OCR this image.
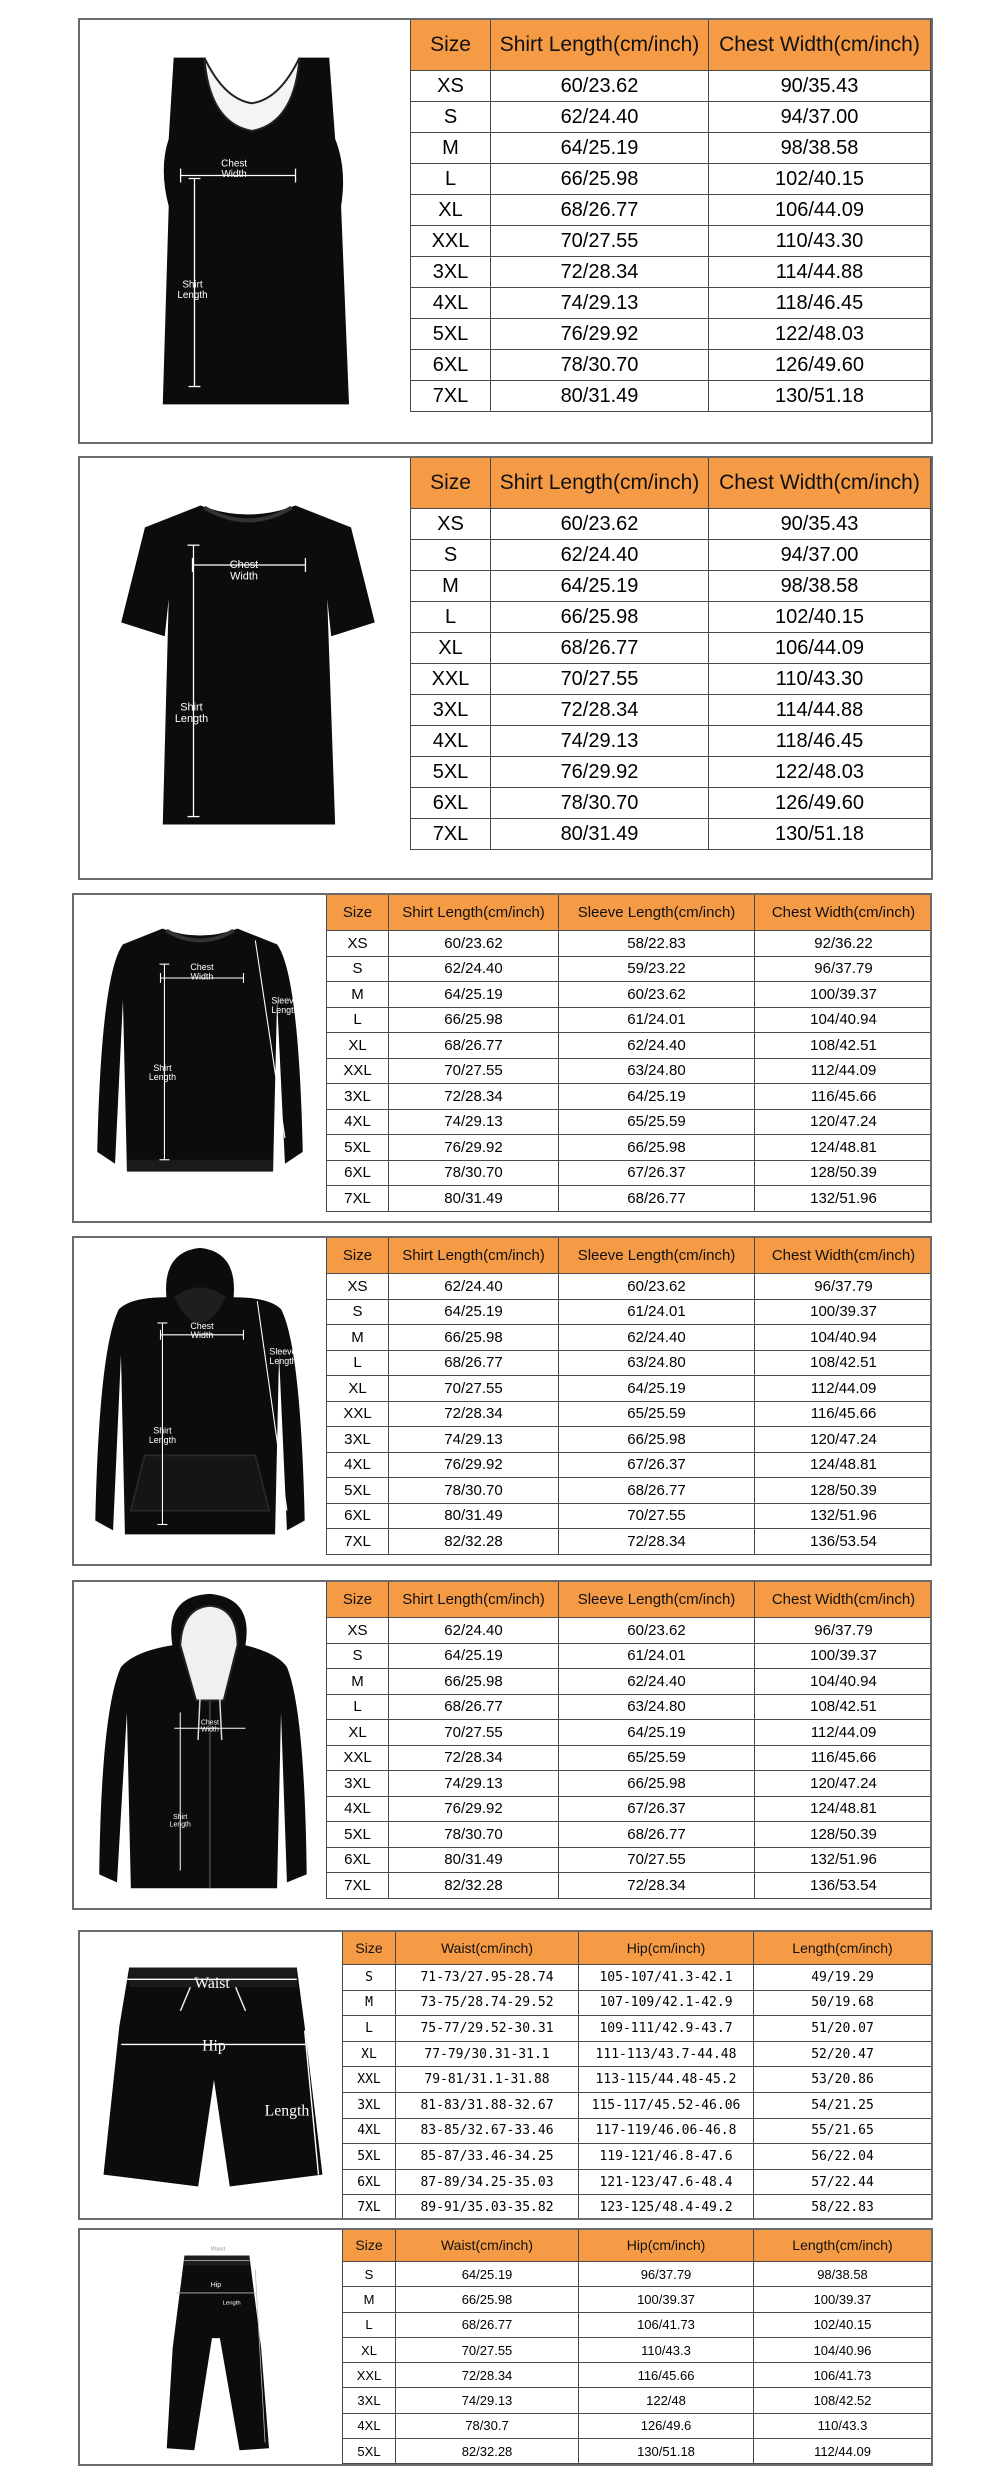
Chest Width
Shirt Length
Size	Shirt Length(cm/inch)	Chest Width(cm/inch)
XS	60/23.62	90/35.43
S	62/24.40	94/37.00
M	64/25.19	98/38.58
L	66/25.98	102/40.15
XL	68/26.77	106/44.09
XXL	70/27.55	110/43.30
3XL	72/28.34	114/44.88
4XL	74/29.13	118/46.45
5XL	76/29.92	122/48.03
6XL	78/30.70	126/49.60
7XL	80/31.49	130/51.18
Chest Width
Shirt Length
Size	Shirt Length(cm/inch)	Chest Width(cm/inch)
XS	60/23.62	90/35.43
S	62/24.40	94/37.00
M	64/25.19	98/38.58
L	66/25.98	102/40.15
XL	68/26.77	106/44.09
XXL	70/27.55	110/43.30
3XL	72/28.34	114/44.88
4XL	74/29.13	118/46.45
5XL	76/29.92	122/48.03
6XL	78/30.70	126/49.60
7XL	80/31.49	130/51.18
Chest Width
Shirt Length
Sleeve Length
Size	Shirt Length(cm/inch)	Sleeve Length(cm/inch)	Chest Width(cm/inch)
XS	60/23.62	58/22.83	92/36.22
S	62/24.40	59/23.22	96/37.79
M	64/25.19	60/23.62	100/39.37
L	66/25.98	61/24.01	104/40.94
XL	68/26.77	62/24.40	108/42.51
XXL	70/27.55	63/24.80	112/44.09
3XL	72/28.34	64/25.19	116/45.66
4XL	74/29.13	65/25.59	120/47.24
5XL	76/29.92	66/25.98	124/48.81
6XL	78/30.70	67/26.37	128/50.39
7XL	80/31.49	68/26.77	132/51.96
Chest Width
Shirt Length
Sleeve Length
Size	Shirt Length(cm/inch)	Sleeve Length(cm/inch)	Chest Width(cm/inch)
XS	62/24.40	60/23.62	96/37.79
S	64/25.19	61/24.01	100/39.37
M	66/25.98	62/24.40	104/40.94
L	68/26.77	63/24.80	108/42.51
XL	70/27.55	64/25.19	112/44.09
XXL	72/28.34	65/25.59	116/45.66
3XL	74/29.13	66/25.98	120/47.24
4XL	76/29.92	67/26.37	124/48.81
5XL	78/30.70	68/26.77	128/50.39
6XL	80/31.49	70/27.55	132/51.96
7XL	82/32.28	72/28.34	136/53.54
Chest Width
Shirt Length
Size	Shirt Length(cm/inch)	Sleeve Length(cm/inch)	Chest Width(cm/inch)
XS	62/24.40	60/23.62	96/37.79
S	64/25.19	61/24.01	100/39.37
M	66/25.98	62/24.40	104/40.94
L	68/26.77	63/24.80	108/42.51
XL	70/27.55	64/25.19	112/44.09
XXL	72/28.34	65/25.59	116/45.66
3XL	74/29.13	66/25.98	120/47.24
4XL	76/29.92	67/26.37	124/48.81
5XL	78/30.70	68/26.77	128/50.39
6XL	80/31.49	70/27.55	132/51.96
7XL	82/32.28	72/28.34	136/53.54
Waist
Hip
Length
Size	Waist(cm/inch)	Hip(cm/inch)	Length(cm/inch)
S	71-73/27.95-28.74	105-107/41.3-42.1	49/19.29
M	73-75/28.74-29.52	107-109/42.1-42.9	50/19.68
L	75-77/29.52-30.31	109-111/42.9-43.7	51/20.07
XL	77-79/30.31-31.1	111-113/43.7-44.48	52/20.47
XXL	79-81/31.1-31.88	113-115/44.48-45.2	53/20.86
3XL	81-83/31.88-32.67	115-117/45.52-46.06	54/21.25
4XL	83-85/32.67-33.46	117-119/46.06-46.8	55/21.65
5XL	85-87/33.46-34.25	119-121/46.8-47.6	56/22.04
6XL	87-89/34.25-35.03	121-123/47.6-48.4	57/22.44
7XL	89-91/35.03-35.82	123-125/48.4-49.2	58/22.83
Hip
Waist
Length
Size	Waist(cm/inch)	Hip(cm/inch)	Length(cm/inch)
S	64/25.19	96/37.79	98/38.58
M	66/25.98	100/39.37	100/39.37
L	68/26.77	106/41.73	102/40.15
XL	70/27.55	110/43.3	104/40.96
XXL	72/28.34	116/45.66	106/41.73
3XL	74/29.13	122/48	108/42.52
4XL	78/30.7	126/49.6	110/43.3
5XL	82/32.28	130/51.18	112/44.09
